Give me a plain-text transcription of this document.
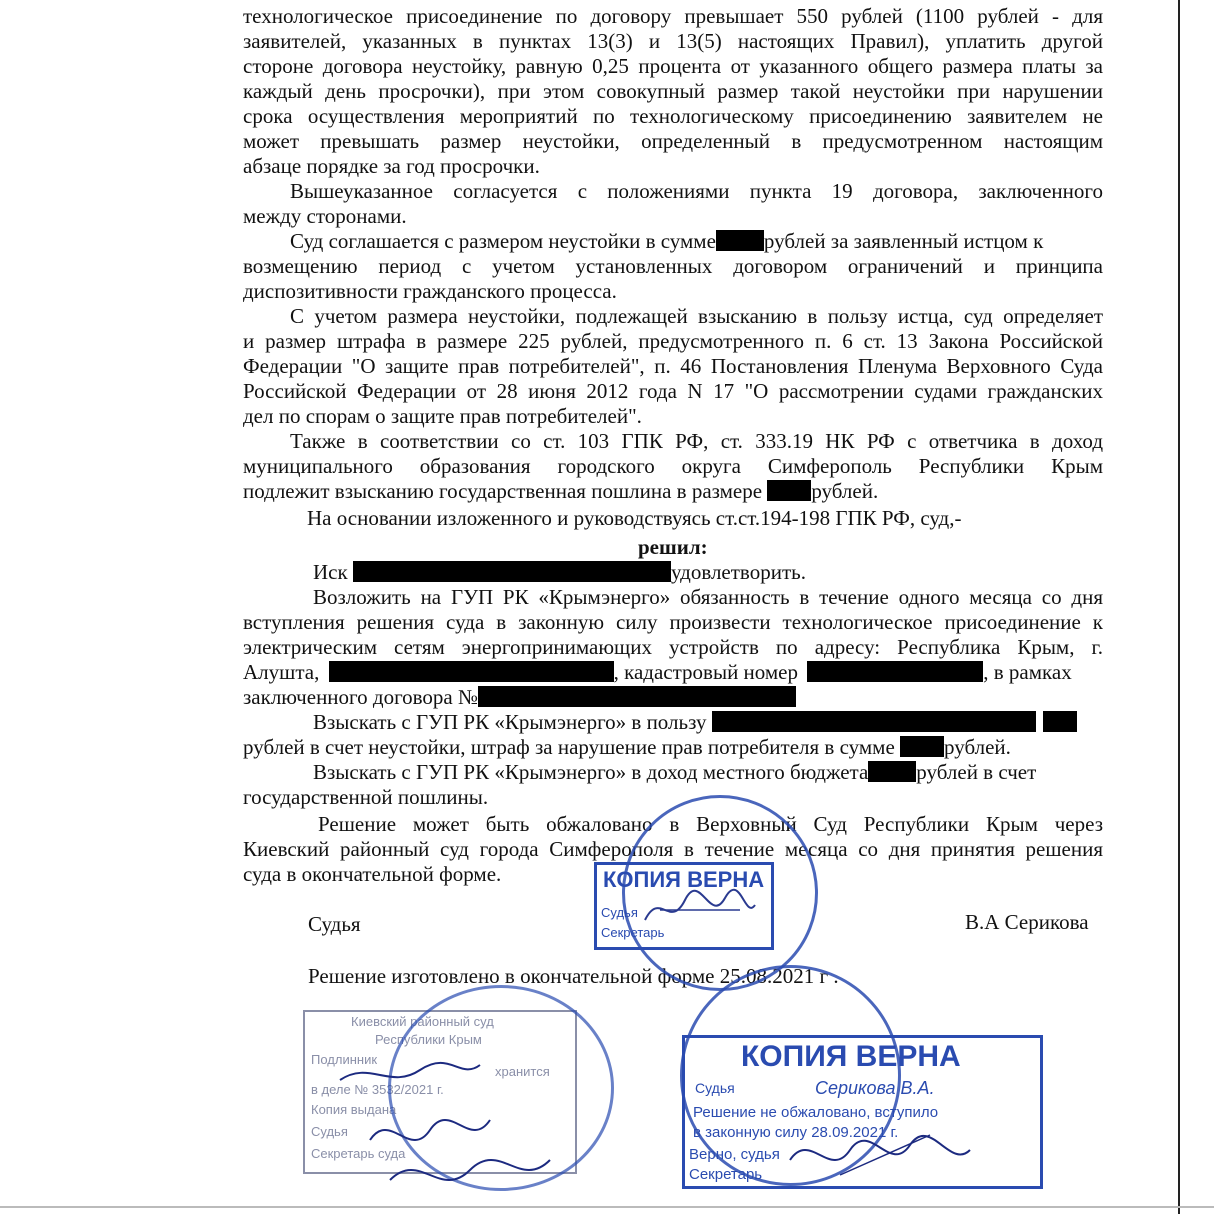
технологическое присоединение по договору превышает 550 рублей (1100 рублей - для
заявителей, указанных в пунктах 13(3) и 13(5) настоящих Правил), уплатить другой
стороне договора неустойку, равную 0,25 процента от указанного общего размера платы за
каждый день просрочки), при этом совокупный размер такой неустойки при нарушении
срока осуществления мероприятий по технологическому присоединению заявителем не
может превышать размер неустойки, определенный в предусмотренном настоящим
абзаце порядке за год просрочки.
Вышеуказанное согласуется с положениями пункта 19 договора, заключенного
между сторонами.
Суд соглашается с размером неустойки в сумме рублей за заявленный истцом к
возмещению период с учетом установленных договором ограничений и принципа
диспозитивности гражданского процесса.
С учетом размера неустойки, подлежащей взысканию в пользу истца, суд определяет
и размер штрафа в размере 225 рублей, предусмотренного п. 6 ст. 13 Закона Российской
Федерации "О защите прав потребителей", п. 46 Постановления Пленума Верховного Суда
Российской Федерации от 28 июня 2012 года N 17 "О рассмотрении судами гражданских
дел по спорам о защите прав потребителей".
Также в соответствии со ст. 103 ГПК РФ, ст. 333.19 НК РФ с ответчика в доход
муниципального образования городского округа Симферополь Республики Крым
подлежит взысканию государственная пошлина в размере рублей.
На основании изложенного и руководствуясь ст.ст.194-198 ГПК РФ, суд,-
решил:
Иск	удовлетворить.
Возложить на ГУП РК «Крымэнерго» обязанность в течение одного месяца со дня
вступления решения суда в законную силу произвести технологическое присоединение к
электрическим сетям энергопринимающих устройств по адресу: Республика Крым, г.
Алушта,	, кадастровый номер	, в рамках
заключенного договора №
Взыскать с ГУП РК «Крымэнерго» в пользу
рублей в счет неустойки, штраф за нарушение прав потребителя в сумме рублей.
Взыскать с ГУП РК «Крымэнерго» в доход местного бюджета рублей в счет
государственной пошлины.
Решение может быть обжаловано в Верховный Суд Республики Крым через
Киевский районный суд города Симферополя в течение месяца со дня принятия решения
суда в окончательной форме.
Судья	В.А Серикова
Решение изготовлено в окончательной форме 25.08.2021 г .
КОПИЯ ВЕРНА
Судья
Секретарь
Киевский районный суд
Республики Крым
Подлинник
хранится
в деле № 3532/2021 г.
Копия выдана
Судья
Секретарь суда
КОПИЯ ВЕРНА
Судья	Серикова В.А.
Решение не обжаловано, вступило
в законную силу 28.09.2021 г.
Верно, судья
Секретарь
